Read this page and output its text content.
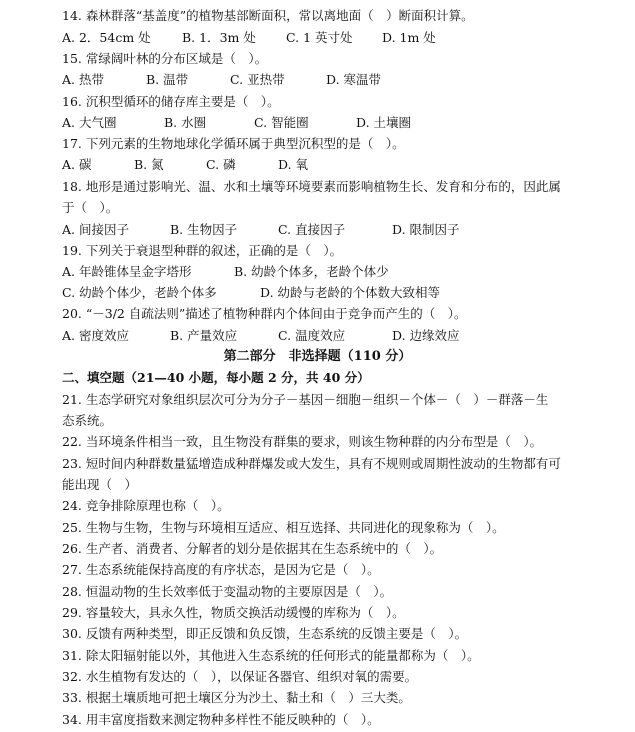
14. 森林群落“基盖度”的植物基部断面积，常以离地面（　）断面积计算。
A. 2．54cm 处	B. 1．3m 处 C. 1 英寸处 D. 1m 处
15. 常绿阔叶林的分布区域是（　）。
A. 热带	B. 温带	C. 亚热带	D. 寒温带
16. 沉积型循环的储存库主要是（　）。
A. 大气圈	B. 水圈	C. 智能圈	D. 土壤圈
17. 下列元素的生物地球化学循环属于典型沉积型的是（　）。
A. 碳	B. 氮	C. 磷	D. 氧
18. 地形是通过影响光、温、水和土壤等环境要素而影响植物生长、发育和分布的，因此属
于（　）。
A. 间接因子	B. 生物因子	C. 直接因子	D. 限制因子
19. 下列关于衰退型种群的叙述，正确的是（　）。
A. 年龄锥体呈金字塔形	B. 幼龄个体多，老龄个体少
C. 幼龄个体少，老龄个体多	D. 幼龄与老龄的个体数大致相等
20. “－3/2 自疏法则”描述了植物种群内个体间由于竞争而产生的（　）。
A. 密度效应	B. 产量效应	C. 温度效应	D. 边缘效应
第二部分　非选择题（110 分）
二、填空题（21—40 小题，每小题 2 分，共 40 分）
21. 生态学研究对象组织层次可分为分子－基因－细胞－组织－个体－（　）－群落－生
态系统。
22. 当环境条件相当一致，且生物没有群集的要求，则该生物种群的内分布型是（　）。
23. 短时间内种群数量猛增造成种群爆发或大发生，具有不规则或周期性波动的生物都有可
能出现（　）
24. 竞争排除原理也称（　）。
25. 生物与生物，生物与环境相互适应、相互选择、共同进化的现象称为（　）。
26. 生产者、消费者、分解者的划分是依据其在生态系统中的（　）。
27. 生态系统能保持高度的有序状态，是因为它是（　）。
28. 恒温动物的生长效率低于变温动物的主要原因是（　）。
29. 容量较大，具永久性，物质交换活动缓慢的库称为（　）。
30. 反馈有两种类型，即正反馈和负反馈，生态系统的反馈主要是（　）。
31. 除太阳辐射能以外，其他进入生态系统的任何形式的能量都称为（　）。
32. 水生植物有发达的（　），以保证各器官、组织对氧的需要。
33. 根据土壤质地可把土壤区分为沙土、黏土和（　）三大类。
34. 用丰富度指数来测定物种多样性不能反映种的（　）。
